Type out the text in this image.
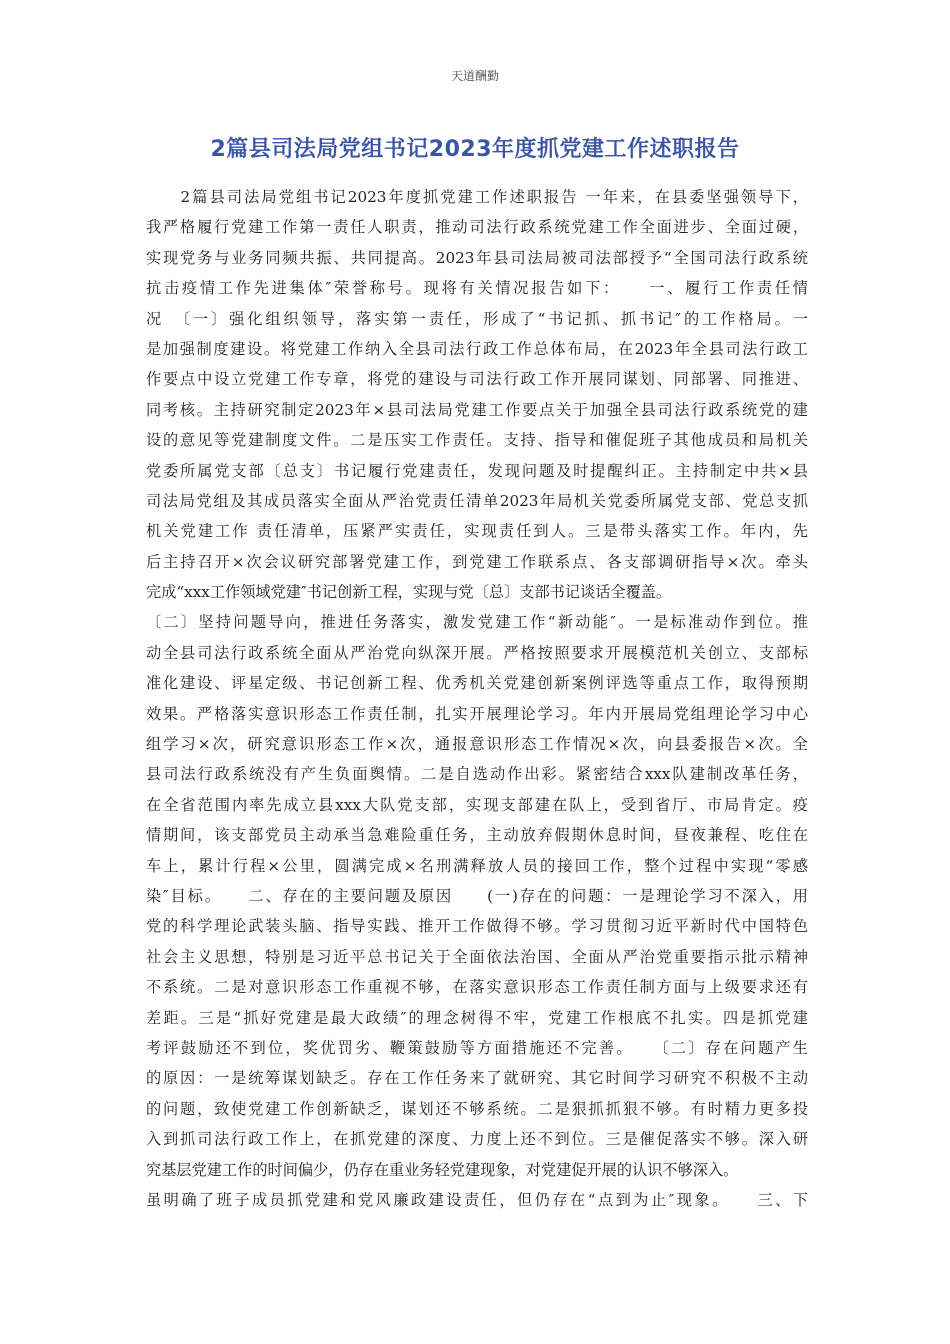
天道酬勤
2篇县司法局党组书记2023年度抓党建工作述职报告
　　2篇县司法局党组书记2023年度抓党建工作述职报告 一年来，在县委坚强领导下，
我严格履行党建工作第一责任人职责，推动司法行政系统党建工作全面进步、全面过硬，
实现党务与业务同频共振、共同提高。2023年县司法局被司法部授予“全国司法行政系统
抗击疫情工作先进集体″荣誉称号。现将有关情况报告如下：　　一、履行工作责任情
况　〔一〕强化组织领导，落实第一责任，形成了“书记抓、抓书记″的工作格局。一
是加强制度建设。将党建工作纳入全县司法行政工作总体布局，在2023年全县司法行政工
作要点中设立党建工作专章，将党的建设与司法行政工作开展同谋划、同部署、同推进、
同考核。主持研究制定2023年×县司法局党建工作要点关于加强全县司法行政系统党的建
设的意见等党建制度文件。二是压实工作责任。支持、指导和催促班子其他成员和局机关
党委所属党支部〔总支〕书记履行党建责任，发现问题及时提醒纠正。主持制定中共×县
司法局党组及其成员落实全面从严治党责任清单2023年局机关党委所属党支部、党总支抓
机关党建工作 责任清单，压紧严实责任，实现责任到人。三是带头落实工作。年内，先
后主持召开×次会议研究部署党建工作，到党建工作联系点、各支部调研指导×次。牵头
完成“xxx工作领域党建″书记创新工程，实现与党〔总〕支部书记谈话全覆盖。
〔二〕坚持问题导向，推进任务落实，激发党建工作“新动能″。一是标准动作到位。推
动全县司法行政系统全面从严治党向纵深开展。严格按照要求开展模范机关创立、支部标
准化建设、评星定级、书记创新工程、优秀机关党建创新案例评选等重点工作，取得预期
效果。严格落实意识形态工作责任制，扎实开展理论学习。年内开展局党组理论学习中心
组学习×次，研究意识形态工作×次，通报意识形态工作情况×次，向县委报告×次。全
县司法行政系统没有产生负面舆情。二是自选动作出彩。紧密结合xxx队建制改革任务，
在全省范围内率先成立县xxx大队党支部，实现支部建在队上，受到省厅、市局肯定。疫
情期间，该支部党员主动承当急难险重任务，主动放弃假期休息时间，昼夜兼程、吃住在
车上，累计行程×公里，圆满完成×名刑满释放人员的接回工作，整个过程中实现“零感
染″目标。　　二、存在的主要问题及原因　　(一)存在的问题：一是理论学习不深入，用
党的科学理论武装头脑、指导实践、推开工作做得不够。学习贯彻习近平新时代中国特色
社会主义思想，特别是习近平总书记关于全面依法治国、全面从严治党重要指示批示精神
不系统。二是对意识形态工作重视不够，在落实意识形态工作责任制方面与上级要求还有
差距。三是“抓好党建是最大政绩″的理念树得不牢，党建工作根底不扎实。四是抓党建
考评鼓励还不到位，奖优罚劣、鞭策鼓励等方面措施还不完善。　　〔二〕存在问题产生
的原因：一是统筹谋划缺乏。存在工作任务来了就研究、其它时间学习研究不积极不主动
的问题，致使党建工作创新缺乏，谋划还不够系统。二是狠抓抓狠不够。有时精力更多投
入到抓司法行政工作上，在抓党建的深度、力度上还不到位。三是催促落实不够。深入研
究基层党建工作的时间偏少，仍存在重业务轻党建现象，对党建促开展的认识不够深入。
虽明确了班子成员抓党建和党风廉政建设责任，但仍存在“点到为止″现象。　　三、下
